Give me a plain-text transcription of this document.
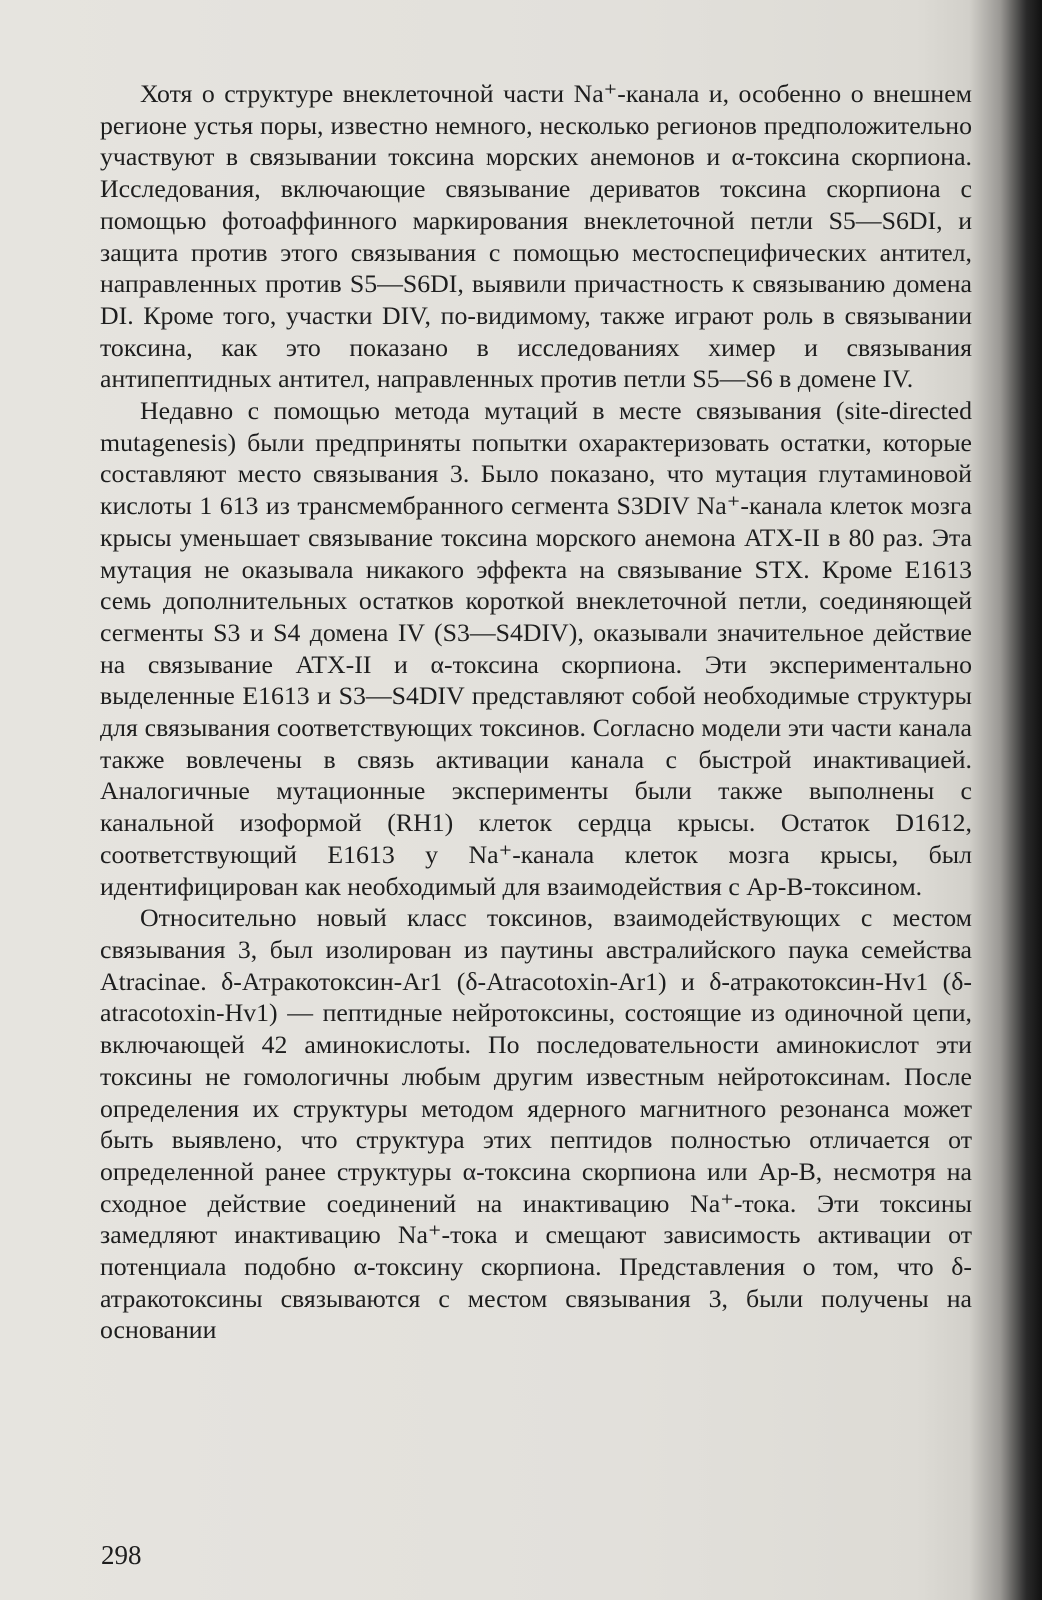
Хотя о структуре внеклеточной части Na⁺-канала и, особенно о внешнем регионе устья поры, известно немного, несколько регионов предположительно участвуют в связывании токсина морских анемонов и α-токсина скорпиона. Исследования, включающие связывание дериватов токсина скорпиона с помощью фотоаффинного маркирования внеклеточной петли S5—S6DI, и защита против этого связывания с помощью местоспецифических антител, направленных против S5—S6DI, выявили причастность к связыванию домена DI. Кроме того, участки DIV, по-видимому, также играют роль в связывании токсина, как это показано в исследованиях химер и связывания антипептидных антител, направленных против петли S5—S6 в домене IV.

Недавно с помощью метода мутаций в месте связывания (site-directed mutagenesis) были предприняты попытки охарактеризовать остатки, которые составляют место связывания 3. Было показано, что мутация глутаминовой кислоты 1 613 из трансмембранного сегмента S3DIV Na⁺-канала клеток мозга крысы уменьшает связывание токсина морского анемона ATX-II в 80 раз. Эта мутация не оказывала никакого эффекта на связывание STX. Кроме E1613 семь дополнительных остатков короткой внеклеточной петли, соединяющей сегменты S3 и S4 домена IV (S3—S4DIV), оказывали значительное действие на связывание ATX-II и α-токсина скорпиона. Эти экспериментально выделенные E1613 и S3—S4DIV представляют собой необходимые структуры для связывания соответствующих токсинов. Согласно модели эти части канала также вовлечены в связь активации канала с быстрой инактивацией. Аналогичные мутационные эксперименты были также выполнены с канальной изоформой (RH1) клеток сердца крысы. Остаток D1612, соответствующий E1613 у Na⁺-канала клеток мозга крысы, был идентифицирован как необходимый для взаимодействия с Ap-B-токсином.

Относительно новый класс токсинов, взаимодействующих с местом связывания 3, был изолирован из паутины австралийского паука семейства Atracinae. δ-Атракотоксин-Ar1 (δ-Atracotoxin-Ar1) и δ-атракотоксин-Hv1 (δ-atracotoxin-Hv1) — пептидные нейротоксины, состоящие из одиночной цепи, включающей 42 аминокислоты. По последовательности аминокислот эти токсины не гомологичны любым другим известным нейротоксинам. После определения их структуры методом ядерного магнитного резонанса может быть выявлено, что структура этих пептидов полностью отличается от определенной ранее структуры α-токсина скорпиона или Ap-B, несмотря на сходное действие соединений на инактивацию Na⁺-тока. Эти токсины замедляют инактивацию Na⁺-тока и смещают зависимость активации от потенциала подобно α-токсину скорпиона. Представления о том, что δ-атракотоксины связываются с местом связывания 3, были получены на основании

298
